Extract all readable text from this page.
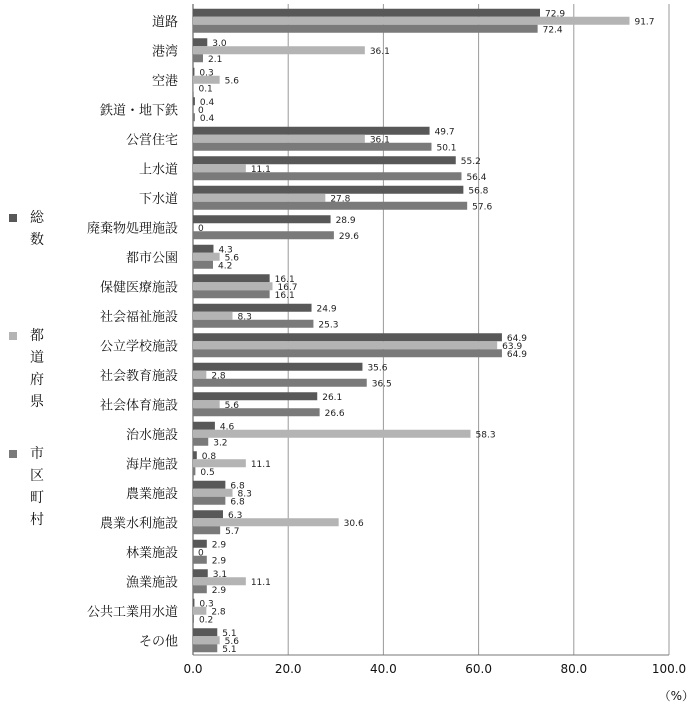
道路
港湾
空港
鉄道・地下鉄
公営住宅
上水道
下水道
廃棄物処理施設
都市公園
保健医療施設
社会福祉施設
公立学校施設
社会教育施設
社会体育施設
治水施設
海岸施設
農業施設
農業水利施設
林業施設
漁業施設
公共工業用水道
その他
72.9
91.7
72.4
3.0
36.1
2.1
0.3
5.6
0.1
0.4
0
0.4
49.7
36.1
50.1
55.2
11.1
56.4
56.8
27.8
57.6
28.9
0
29.6
4.3
5.6
4.2
16.1
16.7
16.1
24.9
8.3
25.3
64.9
63.9
64.9
35.6
2.8
36.5
26.1
5.6
26.6
4.6
58.3
3.2
0.8
11.1
0.5
6.8
8.3
6.8
6.3
30.6
5.7
2.9
0
2.9
3.1
11.1
2.9
0.3
2.8
0.2
5.1
5.6
5.1
0.0	20.0	40.0	60.0	80.0	100.0
総
数
都
道
府
県
市
区
町
村
（%）
